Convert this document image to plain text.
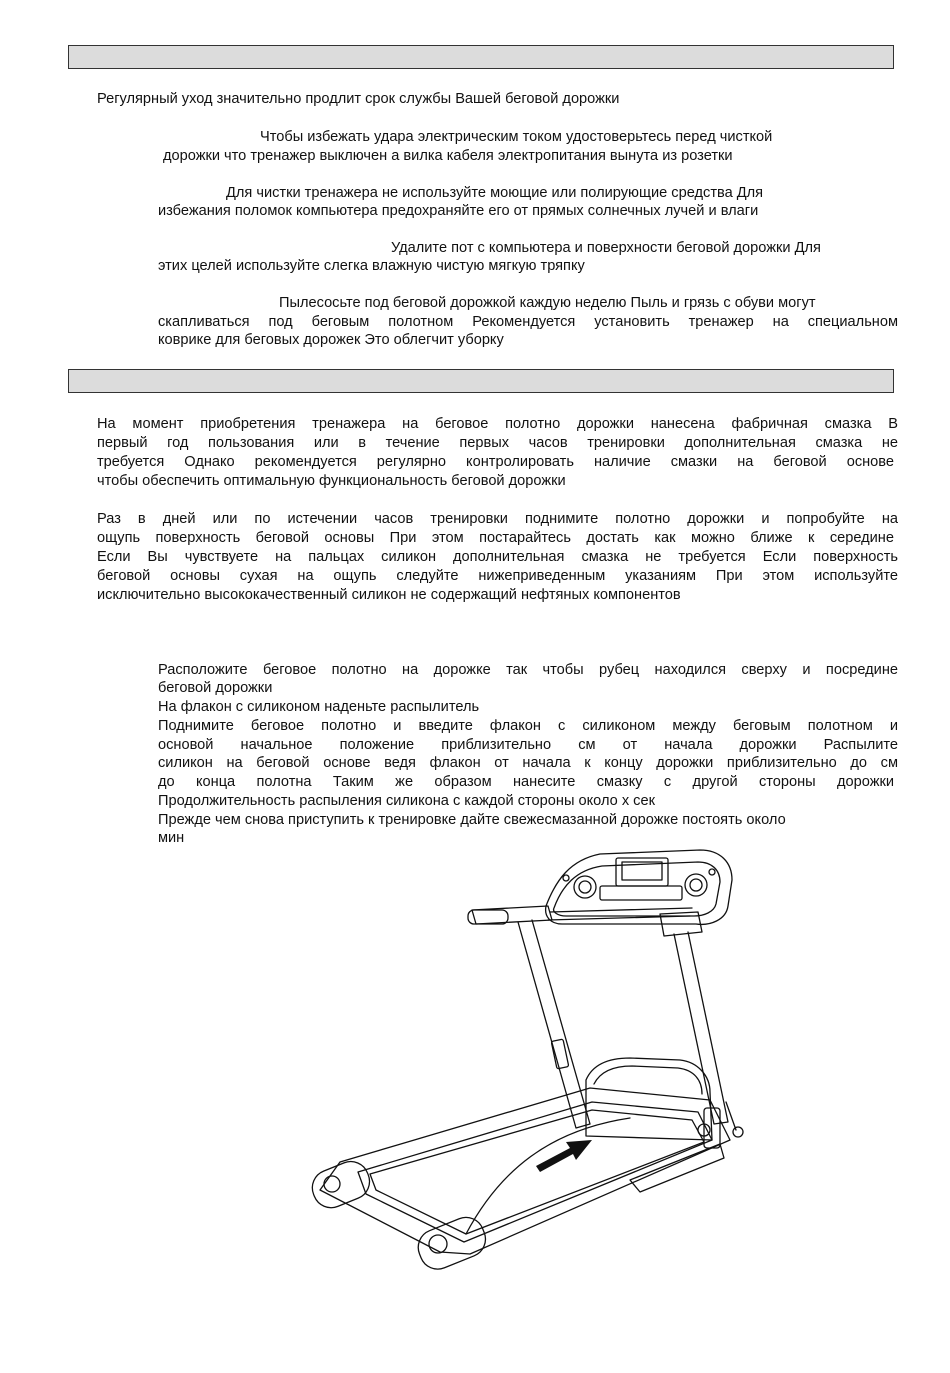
Регулярный уход значительно продлит срок службы Вашей беговой дорожки
Чтобы избежать удара электрическим током удостоверьтесь перед чисткой
дорожки что тренажер выключен а вилка кабеля электропитания вынута из розетки
Для чистки тренажера не используйте моющие или полирующие средства Для
избежания поломок компьютера предохраняйте его от прямых солнечных лучей и влаги
Удалите пот с компьютера и поверхности беговой дорожки Для
этих целей используйте слегка влажную чистую мягкую тряпку
Пылесосьте под беговой дорожкой каждую неделю Пыль и грязь с обуви могут
скапливаться под беговым полотном Рекомендуется установить тренажер на специальном
коврике для беговых дорожек Это облегчит уборку
На момент приобретения тренажера на беговое полотно дорожки нанесена фабричная смазка В
первый год пользования или в течение первых часов тренировки дополнительная смазка не
требуется Однако рекомендуется регулярно контролировать наличие смазки на беговой основе
чтобы обеспечить оптимальную функциональность беговой дорожки
Раз в дней или по истечении часов тренировки поднимите полотно дорожки и попробуйте на
ощупь поверхность беговой основы При этом постарайтесь достать как можно ближе к середине
Если Вы чувствуете на пальцах силикон дополнительная смазка не требуется Если поверхность
беговой основы сухая на ощупь следуйте нижеприведенным указаниям При этом используйте
исключительно высококачественный силикон не содержащий нефтяных компонентов
Расположите беговое полотно на дорожке так чтобы рубец находился сверху и посредине
беговой дорожки
На флакон с силиконом наденьте распылитель
Поднимите беговое полотно и введите флакон с силиконом между беговым полотном и
основой начальное положение приблизительно см от начала дорожки Распылите
силикон на беговой основе ведя флакон от начала к концу дорожки приблизительно до см
до конца полотна Таким же образом нанесите смазку с другой стороны дорожки
Продолжительность распыления силикона с каждой стороны около х сек
Прежде чем снова приступить к тренировке дайте свежесмазанной дорожке постоять около
мин
